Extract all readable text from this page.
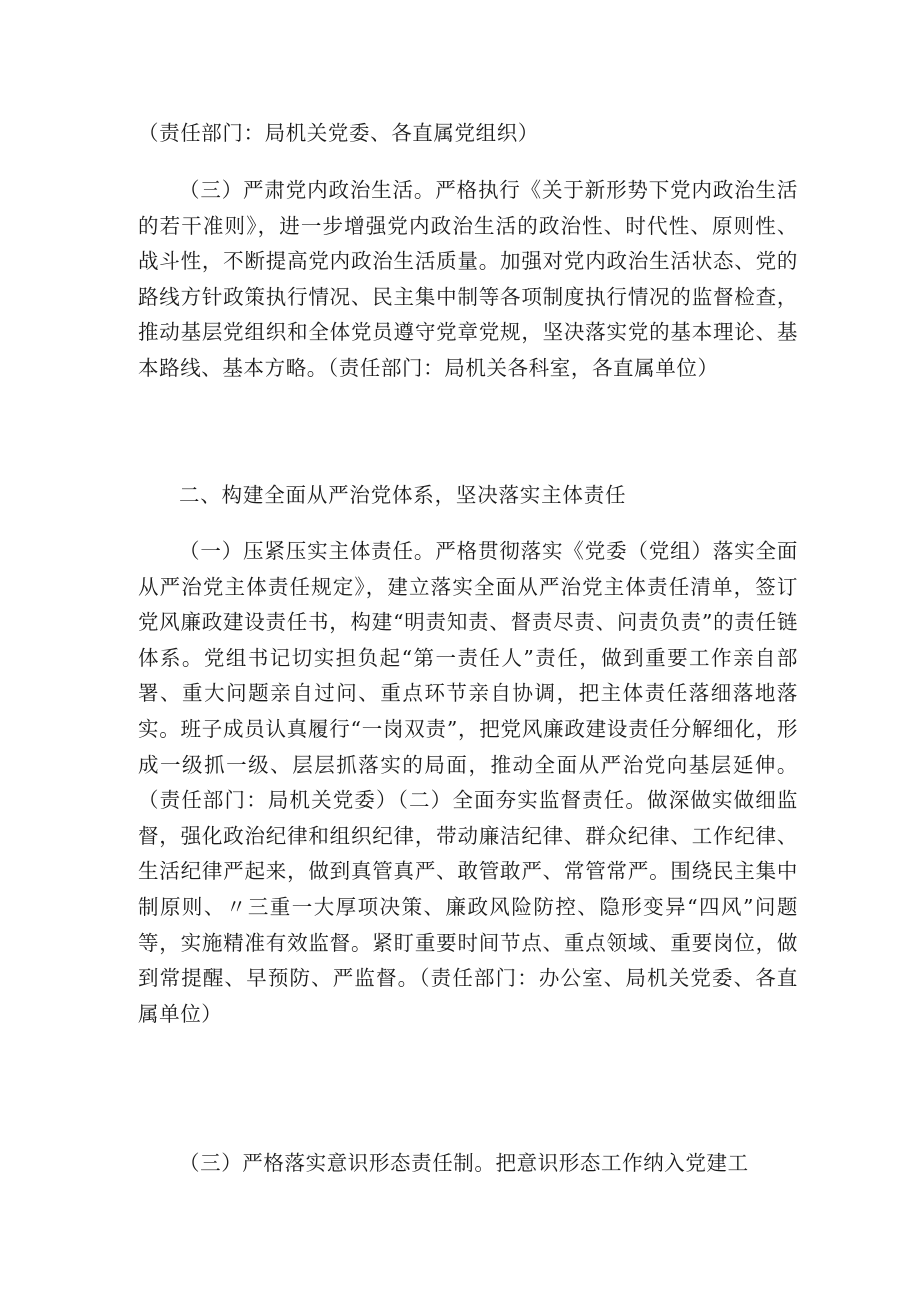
（责任部门：局机关党委、各直属党组织）

（三）严肃党内政治生活。严格执行《关于新形势下党内政治生活的若干准则》，进一步增强党内政治生活的政治性、时代性、原则性、战斗性，不断提高党内政治生活质量。加强对党内政治生活状态、党的路线方针政策执行情况、民主集中制等各项制度执行情况的监督检查，推动基层党组织和全体党员遵守党章党规，坚决落实党的基本理论、基本路线、基本方略。（责任部门：局机关各科室，各直属单位）

二、构建全面从严治党体系，坚决落实主体责任

（一）压紧压实主体责任。严格贯彻落实《党委（党组）落实全面从严治党主体责任规定》，建立落实全面从严治党主体责任清单，签订党风廉政建设责任书，构建“明责知责、督责尽责、问责负责”的责任链体系。党组书记切实担负起“第一责任人”责任，做到重要工作亲自部署、重大问题亲自过问、重点环节亲自协调，把主体责任落细落地落实。班子成员认真履行“一岗双责”，把党风廉政建设责任分解细化，形成一级抓一级、层层抓落实的局面，推动全面从严治党向基层延伸。（责任部门：局机关党委）（二）全面夯实监督责任。做深做实做细监督，强化政治纪律和组织纪律，带动廉洁纪律、群众纪律、工作纪律、生活纪律严起来，做到真管真严、敢管敢严、常管常严。围绕民主集中制原则、〃三重一大厚项决策、廉政风险防控、隐形变异“四风”问题等，实施精准有效监督。紧盯重要时间节点、重点领域、重要岗位，做到常提醒、早预防、严监督。（责任部门：办公室、局机关党委、各直属单位）

（三）严格落实意识形态责任制。把意识形态工作纳入党建工
